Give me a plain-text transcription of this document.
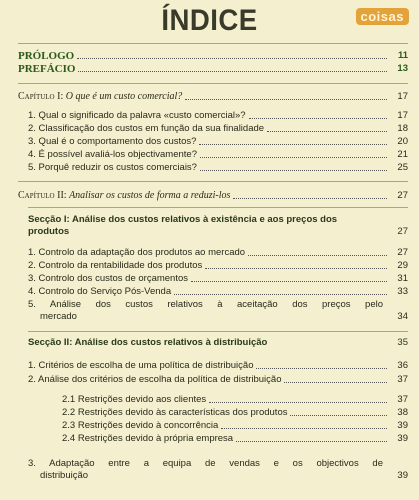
ÍNDICE	coisas
PRÓLOGO	11
PREFÁCIO	13
Capítulo I: O que é um custo comercial?	17
1. Qual o significado da palavra «custo comercial»?	17
2. Classificação dos custos em função da sua finalidade	18
3. Qual é o comportamento dos custos?	20
4. É possível avaliá-los objectivamente?	21
5. Porquê reduzir os custos comerciais?	25
Capítulo II: Analisar os custos de forma a reduzi-los	27
Secção I: Análise dos custos relativos à existência e aos preços dos
produtos	27
1. Controlo da adaptação dos produtos ao mercado	27
2. Controlo da rentabilidade dos produtos	29
3. Controlo dos custos de orçamentos	31
4. Controlo do Serviço Pós-Venda	33
5. Análise dos custos relativos à aceitação dos preços pelo
mercado	34
Secção II: Análise dos custos relativos à distribuição	35
1. Critérios de escolha de uma política de distribuição	36
2. Análise dos critérios de escolha da política de distribuição	37
2.1 Restrições devido aos clientes	37
2.2 Restrições devido às características dos produtos	38
2.3 Restrições devido à concorrência	39
2.4 Restrições devido à própria empresa	39
3. Adaptação entre a equipa de vendas e os objectivos de
distribuição	39
